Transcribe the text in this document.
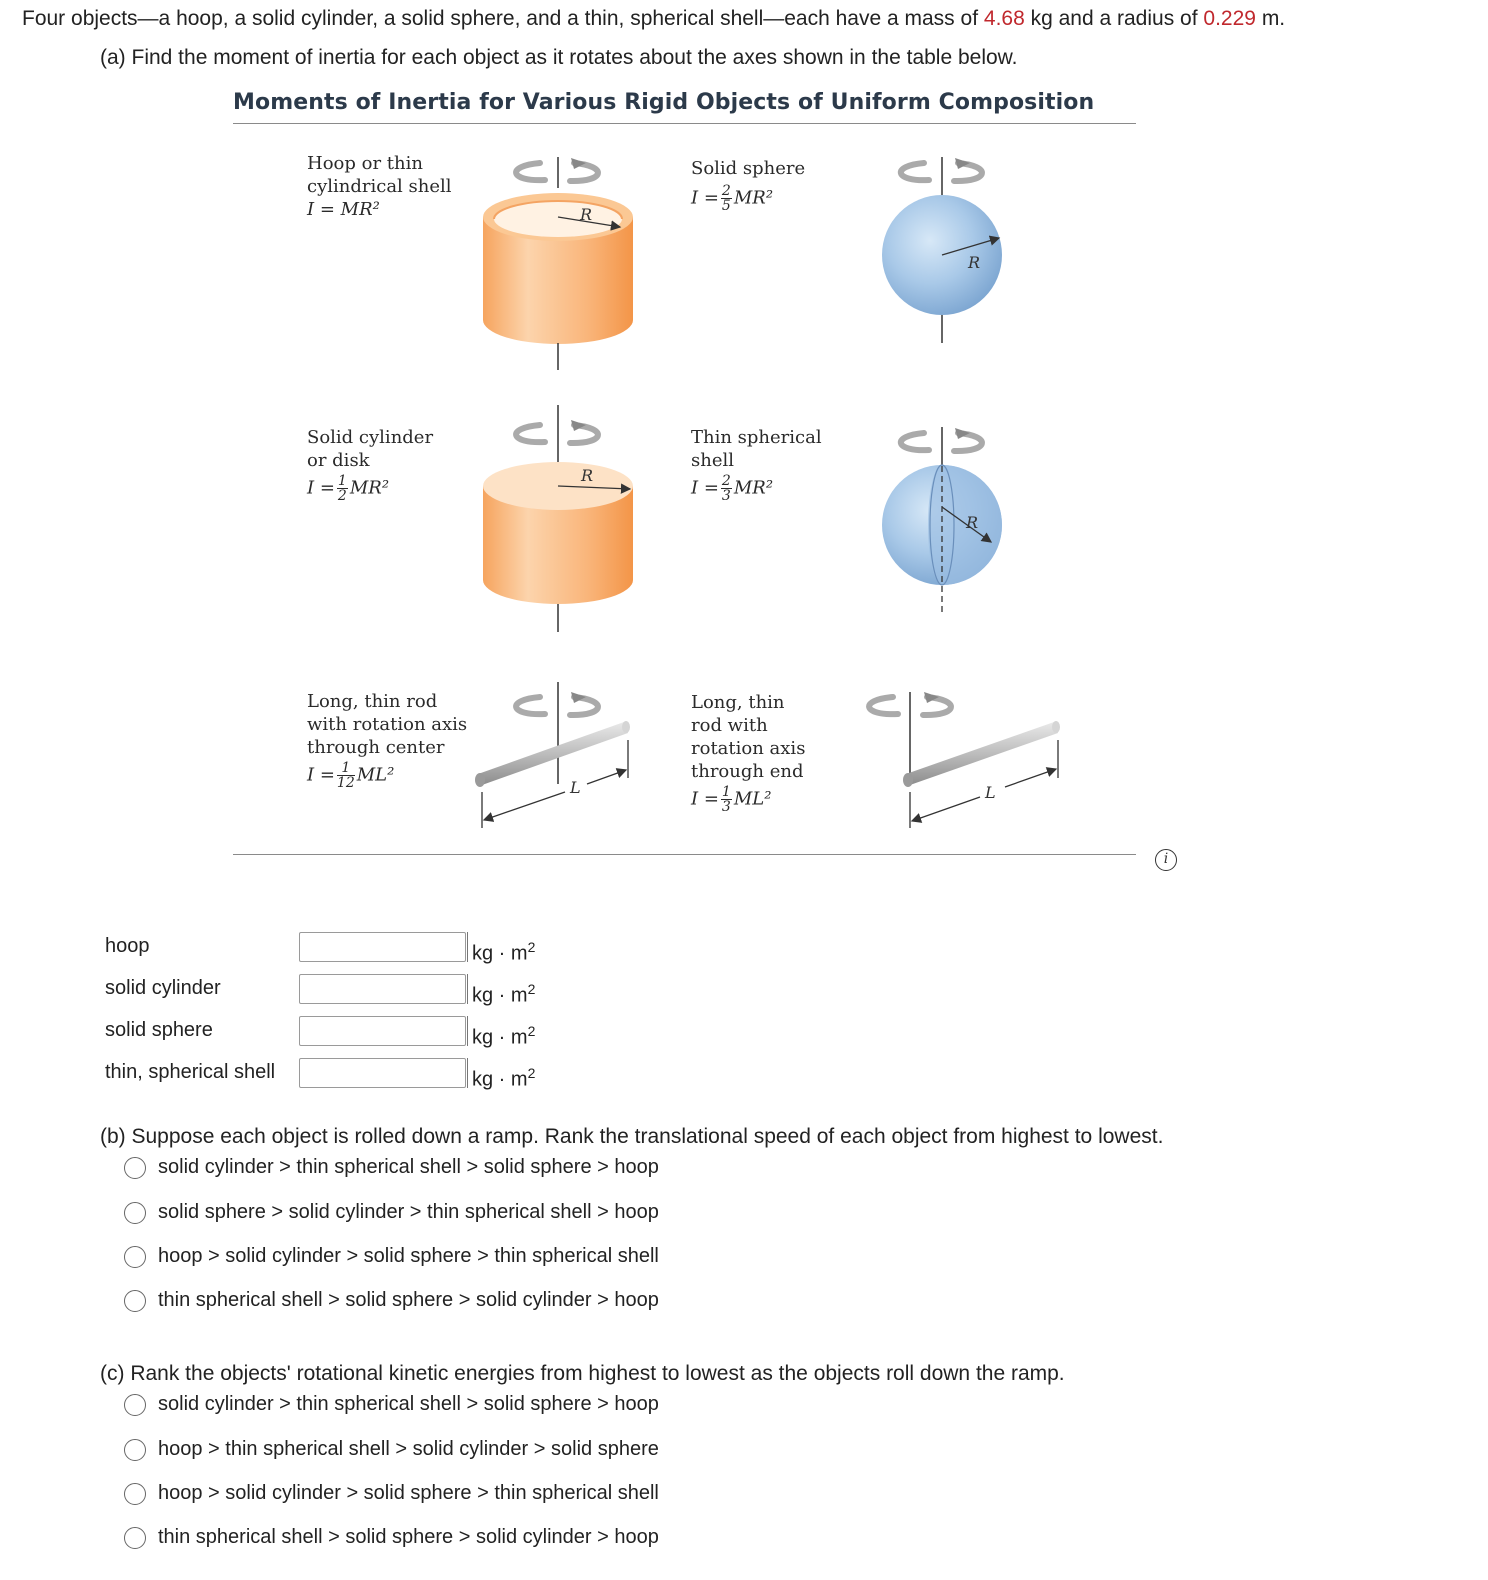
Four objects—a hoop, a solid cylinder, a solid sphere, and a thin, spherical shell—each have a mass of 4.68 kg and a radius of 0.229 m.
(a) Find the moment of inertia for each object as it rotates about the axes shown in the table below.
Moments of Inertia for Various Rigid Objects of Uniform Composition
Hoop or thin
cylindrical shell
I = MR²
Solid sphere
$I = \frac{2}{5} MR^2$
Solid cylinder
or disk
$I = \frac{1}{2} MR^2$
Thin spherical
shell
$I = \frac{2}{3} MR^2$
Long, thin rod
with rotation axis
through center
$I = \frac{1}{12} ML^2$
Long, thin
rod with
rotation axis
through end
$I = \frac{1}{3} ML^2$
R
R
R
R
L	L
i
hoop	kg · $m^2$
solid cylinder	kg · $m^2$
solid sphere	kg · $m^2$
thin, spherical shell	kg · $m^2$
(b) Suppose each object is rolled down a ramp. Rank the translational speed of each object from highest to lowest.
solid cylinder > thin spherical shell > solid sphere > hoop
solid sphere > solid cylinder > thin spherical shell > hoop
hoop > solid cylinder > solid sphere > thin spherical shell
thin spherical shell > solid sphere > solid cylinder > hoop
(c) Rank the objects' rotational kinetic energies from highest to lowest as the objects roll down the ramp.
solid cylinder > thin spherical shell > solid sphere > hoop
hoop > thin spherical shell > solid cylinder > solid sphere
hoop > solid cylinder > solid sphere > thin spherical shell
thin spherical shell > solid sphere > solid cylinder > hoop
